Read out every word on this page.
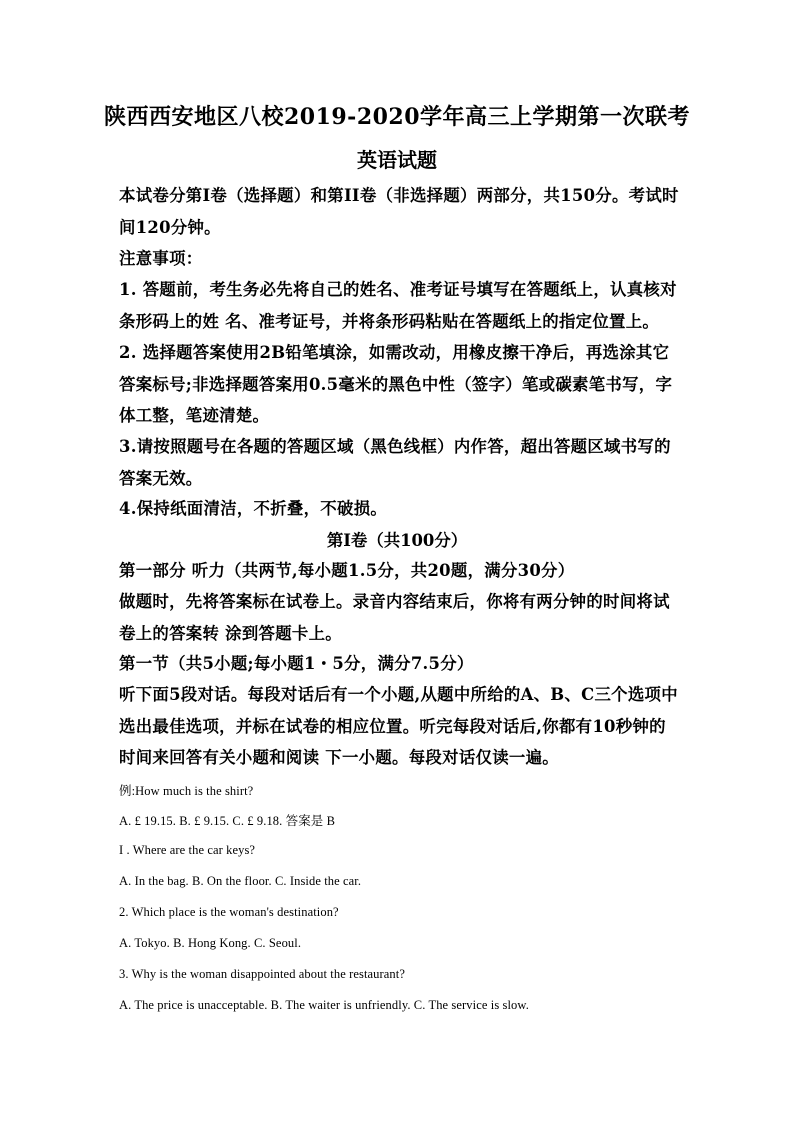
陕西西安地区八校2019-2020学年高三上学期第一次联考
英语试题
本试卷分第I卷（选择题）和第II卷（非选择题）两部分，共150分。考试时间120分钟。
注意事项：
1. 答题前，考生务必先将自己的姓名、准考证号填写在答题纸上，认真核对条形码上的姓 名、准考证号，并将条形码粘贴在答题纸上的指定位置上。
2. 选择题答案使用2B铅笔填涂，如需改动，用橡皮擦干净后，再选涂其它答案标号;非选择题答案用0.5毫米的黑色中性（签字）笔或碳素笔书写，字体工整，笔迹清楚。
3.请按照题号在各题的答题区域（黑色线框）内作答，超出答题区域书写的答案无效。
4.保持纸面清洁，不折叠，不破损。
第I卷（共100分）
第一部分 听力（共两节,每小题1.5分，共20题，满分30分）
做题时，先将答案标在试卷上。录音内容结束后，你将有两分钟的时间将试卷上的答案转 涂到答题卡上。
第一节（共5小题;每小题1・5分，满分7.5分）
听下面5段对话。每段对话后有一个小题,从题中所给的A、B、C三个选项中选出最佳选项，并标在试卷的相应位置。听完每段对话后,你都有10秒钟的时间来回答有关小题和阅读 下一小题。每段对话仅读一遍。
例:How much is the shirt?
A. £ 19.15. B. £ 9.15. C. £ 9.18. 答案是 B
I . Where are the car keys?
A. In the bag. B. On the floor. C. Inside the car.
2. Which place is the woman's destination?
A. Tokyo. B. Hong Kong. C. Seoul.
3. Why is the woman disappointed about the restaurant?
A. The price is unacceptable. B. The waiter is unfriendly. C. The service is slow.
